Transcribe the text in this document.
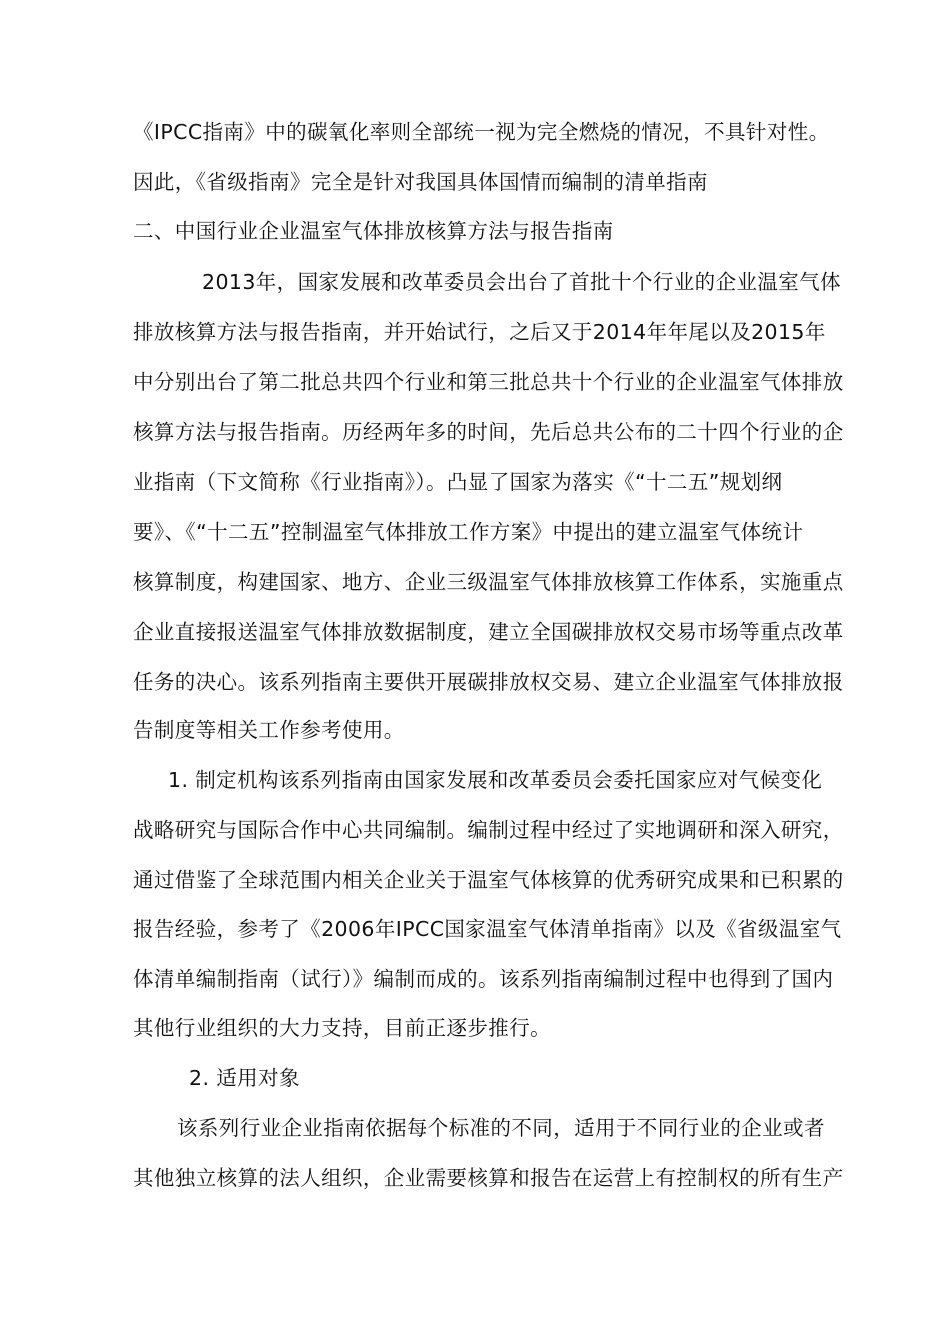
《IPCC指南》中的碳氧化率则全部统一视为完全燃烧的情况，不具针对性。
因此，《省级指南》完全是针对我国具体国情而编制的清单指南
二、中国行业企业温室气体排放核算方法与报告指南
2013年，国家发展和改革委员会出台了首批十个行业的企业温室气体
排放核算方法与报告指南，并开始试行，之后又于2014年年尾以及2015年
中分别出台了第二批总共四个行业和第三批总共十个行业的企业温室气体排放
核算方法与报告指南。历经两年多的时间，先后总共公布的二十四个行业的企
业指南（下文简称《行业指南》）。凸显了国家为落实《“十二五”规划纲
要》、《“十二五”控制温室气体排放工作方案》中提出的建立温室气体统计
核算制度，构建国家、地方、企业三级温室气体排放核算工作体系，实施重点
企业直接报送温室气体排放数据制度，建立全国碳排放权交易市场等重点改革
任务的决心。该系列指南主要供开展碳排放权交易、建立企业温室气体排放报
告制度等相关工作参考使用。
1. 制定机构该系列指南由国家发展和改革委员会委托国家应对气候变化
战略研究与国际合作中心共同编制。编制过程中经过了实地调研和深入研究，
通过借鉴了全球范围内相关企业关于温室气体核算的优秀研究成果和已积累的
报告经验，参考了《2006年IPCC国家温室气体清单指南》以及《省级温室气
体清单编制指南（试行）》编制而成的。该系列指南编制过程中也得到了国内
其他行业组织的大力支持，目前正逐步推行。
2. 适用对象
该系列行业企业指南依据每个标准的不同，适用于不同行业的企业或者
其他独立核算的法人组织，企业需要核算和报告在运营上有控制权的所有生产
